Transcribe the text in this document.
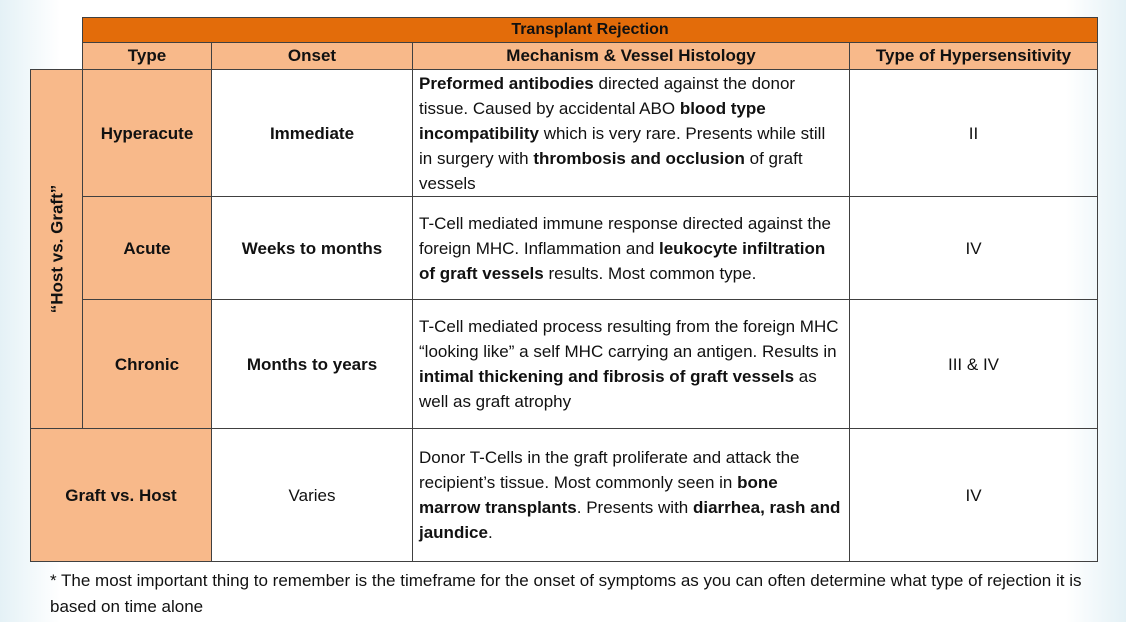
	Transplant Rejection			
	Type	Onset	Mechanism & Vessel Histology	Type of Hypersensitivity

“Host vs. Graft”	Hyperacute	Immediate	Preformed antibodies directed against the donor tissue. Caused by accidental ABO blood type incompatibility which is very rare. Presents while still in surgery with thrombosis and occlusion of graft vessels	II
	Acute	Weeks to months	T-Cell mediated immune response directed against the foreign MHC. Inflammation and leukocyte infiltration of graft vessels results. Most common type.	IV
	Chronic	Months to years	T-Cell mediated process resulting from the foreign MHC “looking like” a self MHC carrying an antigen. Results in intimal thickening and fibrosis of graft vessels as well as graft atrophy	III & IV
Graft vs. Host		Varies	Donor T-Cells in the graft proliferate and attack the recipient’s tissue. Most commonly seen in bone marrow transplants. Presents with diarrhea, rash and jaundice.	IV
* The most important thing to remember is the timeframe for the onset of symptoms as you can often determine what type of rejection it is based on time alone
